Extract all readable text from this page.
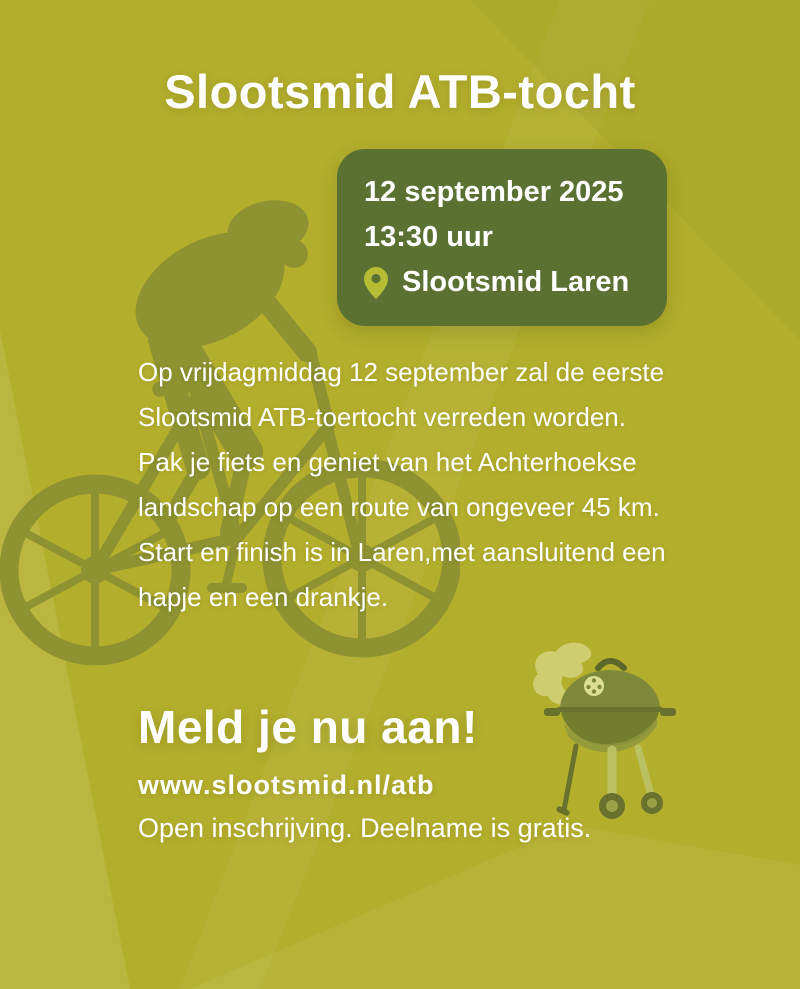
Slootsmid ATB-tocht
12 september 2025
13:30 uur
Slootsmid Laren
Op vrijdagmiddag 12 september zal de eerste
Slootsmid ATB-toertocht verreden worden.
Pak je fiets en geniet van het Achterhoekse
landschap op een route van ongeveer 45 km.
Start en finish is in Laren,met aansluitend een
hapje en een drankje.
Meld je nu aan!
www.slootsmid.nl/atb
Open inschrijving. Deelname is gratis.
